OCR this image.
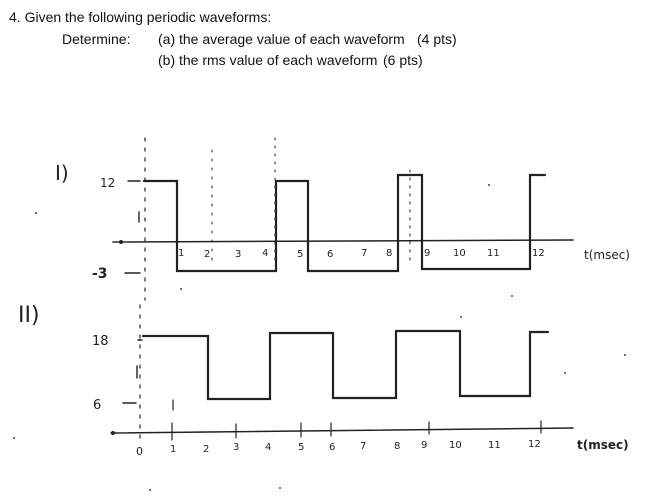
4. Given the following periodic waveforms:
Determine: (a) the average value of each waveform (4 pts)
(b) the rms value of each waveform (6 pts)
I)	12
-3
1 2 3 4	5 6	7 8	9 10 11	12	t(msec)
II)
18
6
0	1	2 3	4	5 6 7	8 9 10	11	12	t(msec)
